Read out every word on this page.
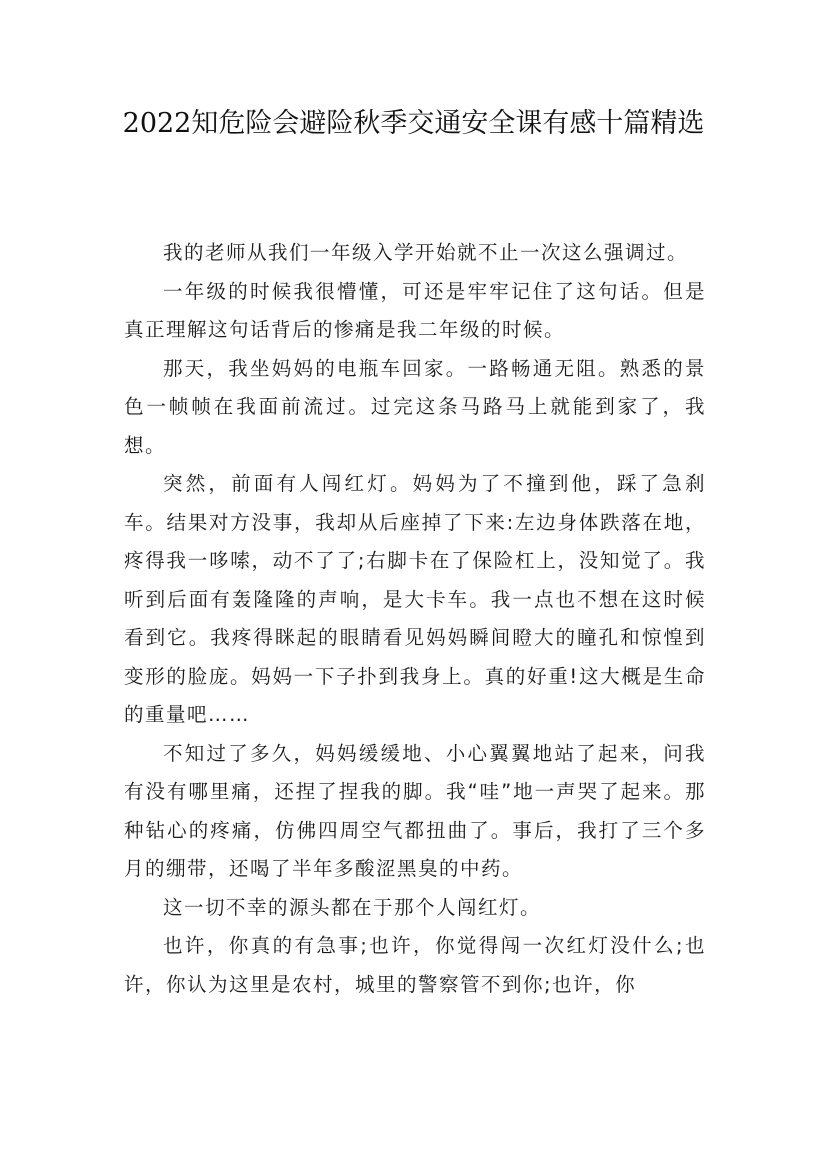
2022知危险会避险秋季交通安全课有感十篇精选

我的老师从我们一年级入学开始就不止一次这么强调过。

一年级的时候我很懵懂，可还是牢牢记住了这句话。但是真正理解这句话背后的惨痛是我二年级的时候。

那天，我坐妈妈的电瓶车回家。一路畅通无阻。熟悉的景色一帧帧在我面前流过。过完这条马路马上就能到家了，我想。

突然，前面有人闯红灯。妈妈为了不撞到他，踩了急刹车。结果对方没事，我却从后座掉了下来:左边身体跌落在地，疼得我一哆嗦，动不了了;右脚卡在了保险杠上，没知觉了。我听到后面有轰隆隆的声响，是大卡车。我一点也不想在这时候看到它。我疼得眯起的眼睛看见妈妈瞬间瞪大的瞳孔和惊惶到变形的脸庞。妈妈一下子扑到我身上。真的好重!这大概是生命的重量吧……

不知过了多久，妈妈缓缓地、小心翼翼地站了起来，问我有没有哪里痛，还捏了捏我的脚。我“哇”地一声哭了起来。那种钻心的疼痛，仿佛四周空气都扭曲了。事后，我打了三个多月的绷带，还喝了半年多酸涩黑臭的中药。

这一切不幸的源头都在于那个人闯红灯。

也许，你真的有急事;也许，你觉得闯一次红灯没什么;也许，你认为这里是农村，城里的警察管不到你;也许，你
